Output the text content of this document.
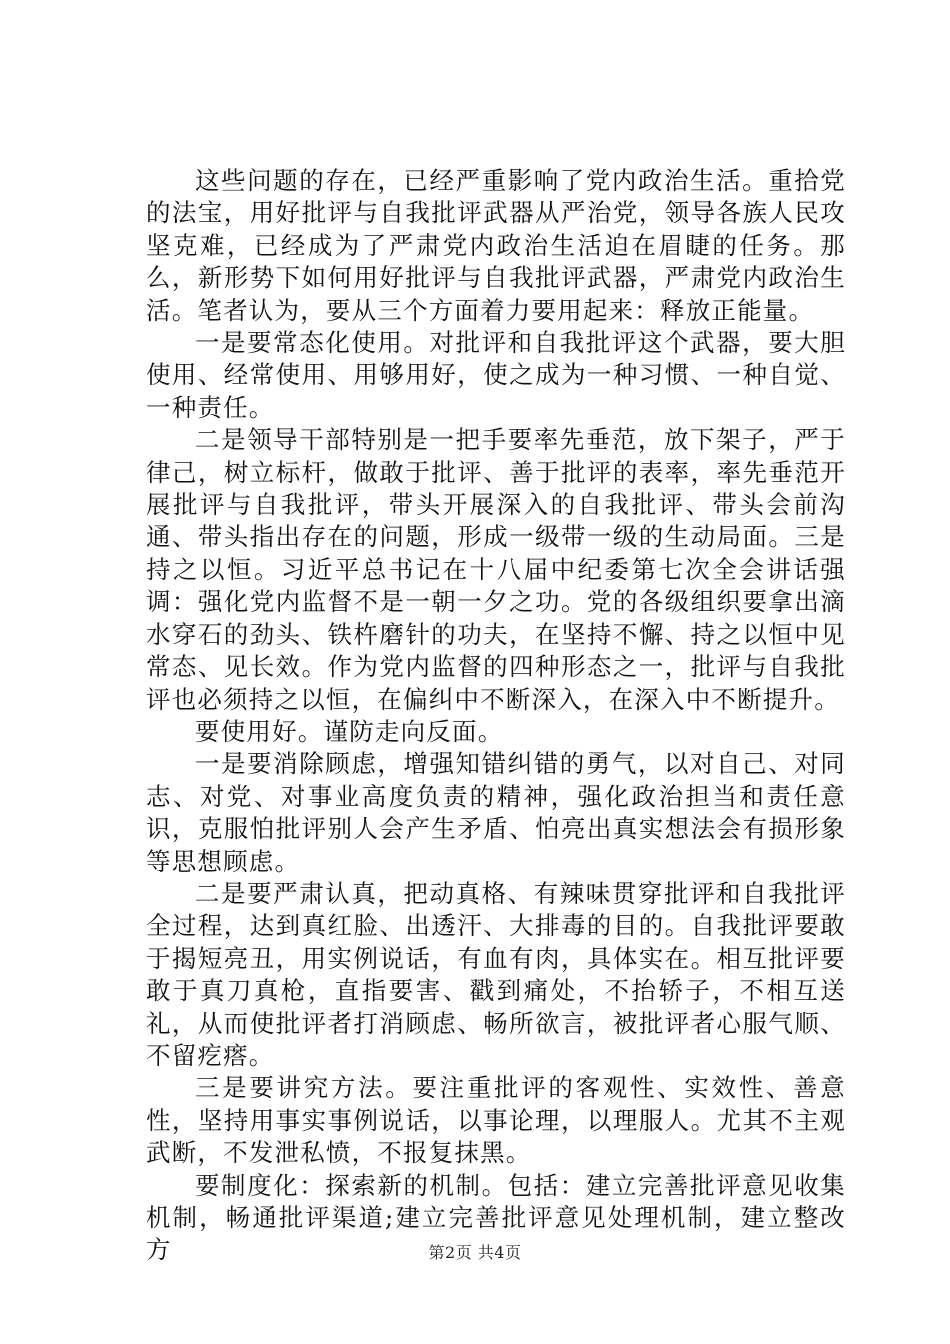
这些问题的存在，已经严重影响了党内政治生活。重拾党的法宝，用好批评与自我批评武器从严治党，领导各族人民攻坚克难，已经成为了严肃党内政治生活迫在眉睫的任务。那么，新形势下如何用好批评与自我批评武器，严肃党内政治生活。笔者认为，要从三个方面着力要用起来：释放正能量。

一是要常态化使用。对批评和自我批评这个武器，要大胆使用、经常使用、用够用好，使之成为一种习惯、一种自觉、一种责任。

二是领导干部特别是一把手要率先垂范，放下架子，严于律己，树立标杆，做敢于批评、善于批评的表率，率先垂范开展批评与自我批评，带头开展深入的自我批评、带头会前沟通、带头指出存在的问题，形成一级带一级的生动局面。三是持之以恒。习近平总书记在十八届中纪委第七次全会讲话强调：强化党内监督不是一朝一夕之功。党的各级组织要拿出滴水穿石的劲头、铁杵磨针的功夫，在坚持不懈、持之以恒中见常态、见长效。作为党内监督的四种形态之一，批评与自我批评也必须持之以恒，在偏纠中不断深入，在深入中不断提升。

要使用好。谨防走向反面。

一是要消除顾虑，增强知错纠错的勇气，以对自己、对同志、对党、对事业高度负责的精神，强化政治担当和责任意识，克服怕批评别人会产生矛盾、怕亮出真实想法会有损形象等思想顾虑。

二是要严肃认真，把动真格、有辣味贯穿批评和自我批评全过程，达到真红脸、出透汗、大排毒的目的。自我批评要敢于揭短亮丑，用实例说话，有血有肉，具体实在。相互批评要敢于真刀真枪，直指要害、戳到痛处，不抬轿子，不相互送礼，从而使批评者打消顾虑、畅所欲言，被批评者心服气顺、不留疙瘩。

三是要讲究方法。要注重批评的客观性、实效性、善意性，坚持用事实事例说话，以事论理，以理服人。尤其不主观武断，不发泄私愤，不报复抹黑。

要制度化：探索新的机制。包括：建立完善批评意见收集机制，畅通批评渠道;建立完善批评意见处理机制，建立整改方	第2页 共4页
